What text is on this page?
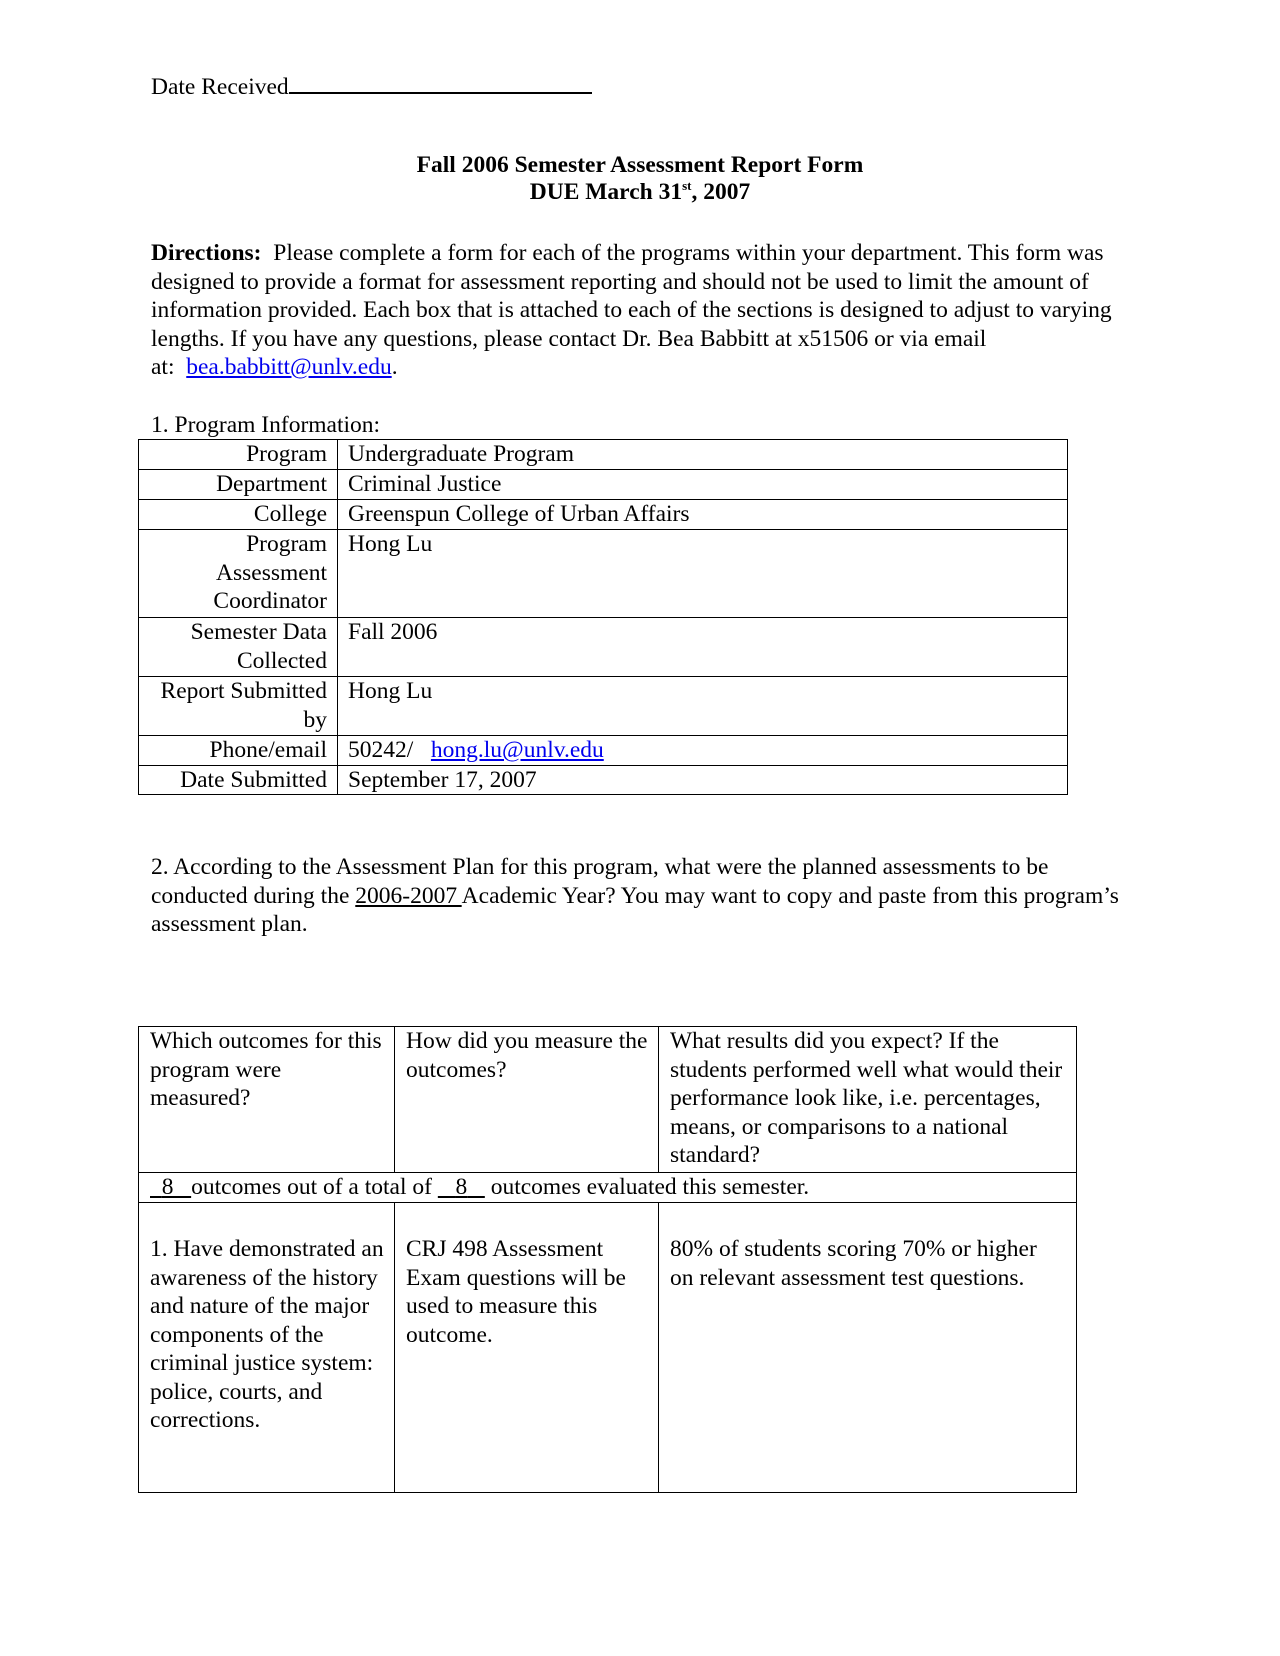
Date Received
Fall 2006 Semester Assessment Report Form
DUE March 31st, 2007
Directions: Please complete a form for each of the programs within your department. This form was designed to provide a format for assessment reporting and should not be used to limit the amount of information provided. Each box that is attached to each of the sections is designed to adjust to varying lengths. If you have any questions, please contact Dr. Bea Babbitt at x51506 or via email at: bea.babbitt@unlv.edu.
1. Program Information:
Program	Undergraduate Program
Department	Criminal Justice
College	Greenspun College of Urban Affairs
Program Assessment Coordinator	Hong Lu
Semester Data Collected	Fall 2006
Report Submitted by	Hong Lu
Phone/email	50242/ hong.lu@unlv.edu
Date Submitted	September 17, 2007
2. According to the Assessment Plan for this program, what were the planned assessments to be conducted during the 2006-2007 Academic Year? You may want to copy and paste from this program’s assessment plan.
Which outcomes for this program were measured?	How did you measure the outcomes?	What results did you expect? If the students performed well what would their performance look like, i.e. percentages, means, or comparisons to a national standard?
8 outcomes out of a total of 8    outcomes evaluated this semester.		
1. Have demonstrated an awareness of the history and nature of the major components of the criminal justice system: police, courts, and corrections.	CRJ 498 Assessment Exam questions will be used to measure this outcome.	80% of students scoring 70% or higher on relevant assessment test questions.
